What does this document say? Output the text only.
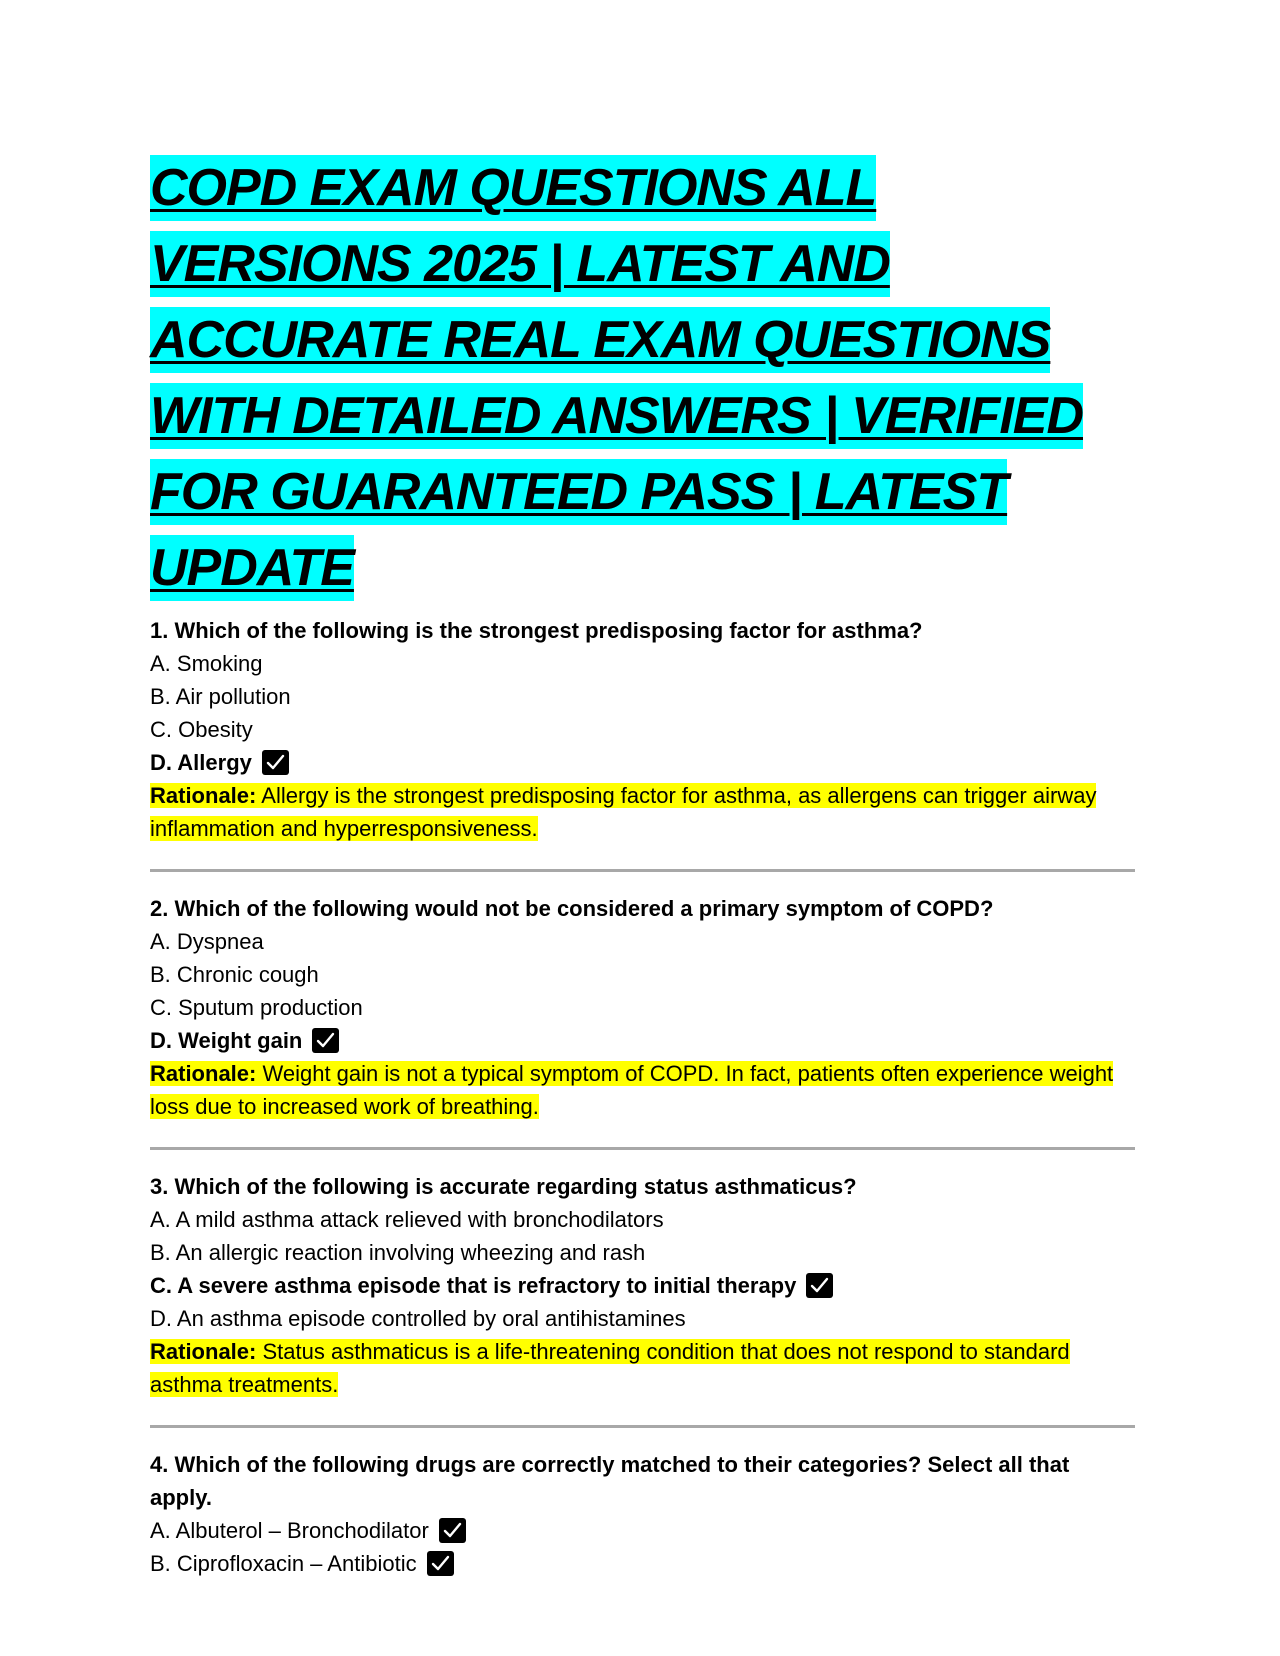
COPD EXAM QUESTIONS ALL VERSIONS 2025 | LATEST AND ACCURATE REAL EXAM QUESTIONS WITH DETAILED ANSWERS | VERIFIED FOR GUARANTEED PASS | LATEST UPDATE

1. Which of the following is the strongest predisposing factor for asthma?

A. Smoking

B. Air pollution

C. Obesity

D. Allergy

Rationale: Allergy is the strongest predisposing factor for asthma, as allergens can trigger airway inflammation and hyperresponsiveness.

2. Which of the following would not be considered a primary symptom of COPD?

A. Dyspnea

B. Chronic cough

C. Sputum production

D. Weight gain

Rationale: Weight gain is not a typical symptom of COPD. In fact, patients often experience weight loss due to increased work of breathing.

3. Which of the following is accurate regarding status asthmaticus?

A. A mild asthma attack relieved with bronchodilators

B. An allergic reaction involving wheezing and rash

C. A severe asthma episode that is refractory to initial therapy

D. An asthma episode controlled by oral antihistamines

Rationale: Status asthmaticus is a life-threatening condition that does not respond to standard asthma treatments.

4. Which of the following drugs are correctly matched to their categories? Select all that apply.

A. Albuterol – Bronchodilator

B. Ciprofloxacin – Antibiotic
